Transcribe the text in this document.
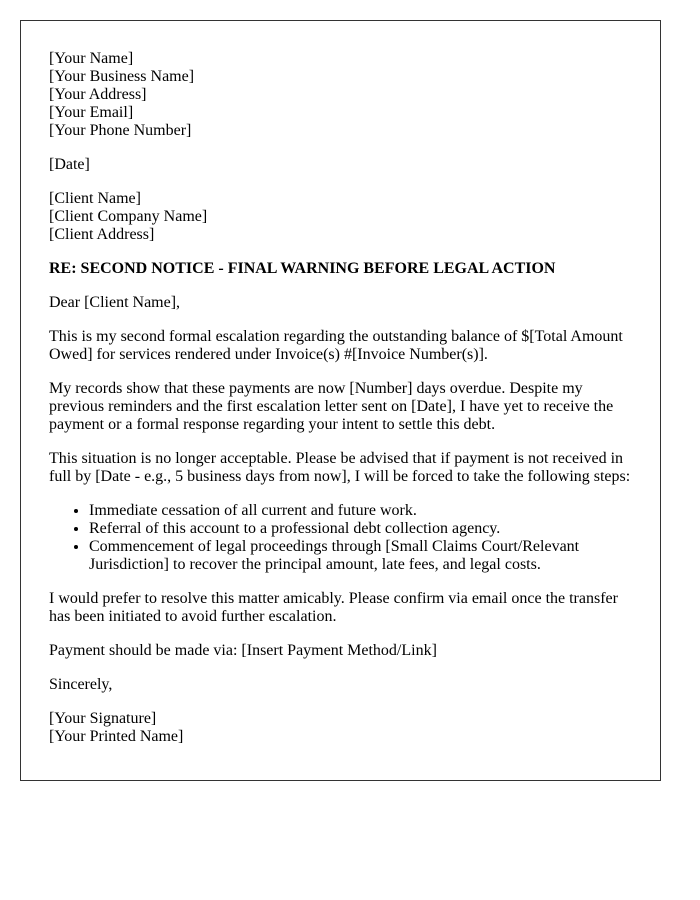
[Your Name]
[Your Business Name]
[Your Address]
[Your Email]
[Your Phone Number]
[Date]
[Client Name]
[Client Company Name]
[Client Address]
RE: SECOND NOTICE - FINAL WARNING BEFORE LEGAL ACTION

Dear [Client Name],

This is my second formal escalation regarding the outstanding balance of $[Total Amount Owed] for services rendered under Invoice(s) #[Invoice Number(s)].

My records show that these payments are now [Number] days overdue. Despite my previous reminders and the first escalation letter sent on [Date], I have yet to receive the payment or a formal response regarding your intent to settle this debt.

This situation is no longer acceptable. Please be advised that if payment is not received in full by [Date - e.g., 5 business days from now], I will be forced to take the following steps:

• Immediate cessation of all current and future work.
• Referral of this account to a professional debt collection agency.
• Commencement of legal proceedings through [Small Claims Court/Relevant Jurisdiction] to recover the principal amount, late fees, and legal costs.

I would prefer to resolve this matter amicably. Please confirm via email once the transfer has been initiated to avoid further escalation.

Payment should be made via: [Insert Payment Method/Link]

Sincerely,

[Your Signature]
[Your Printed Name]
